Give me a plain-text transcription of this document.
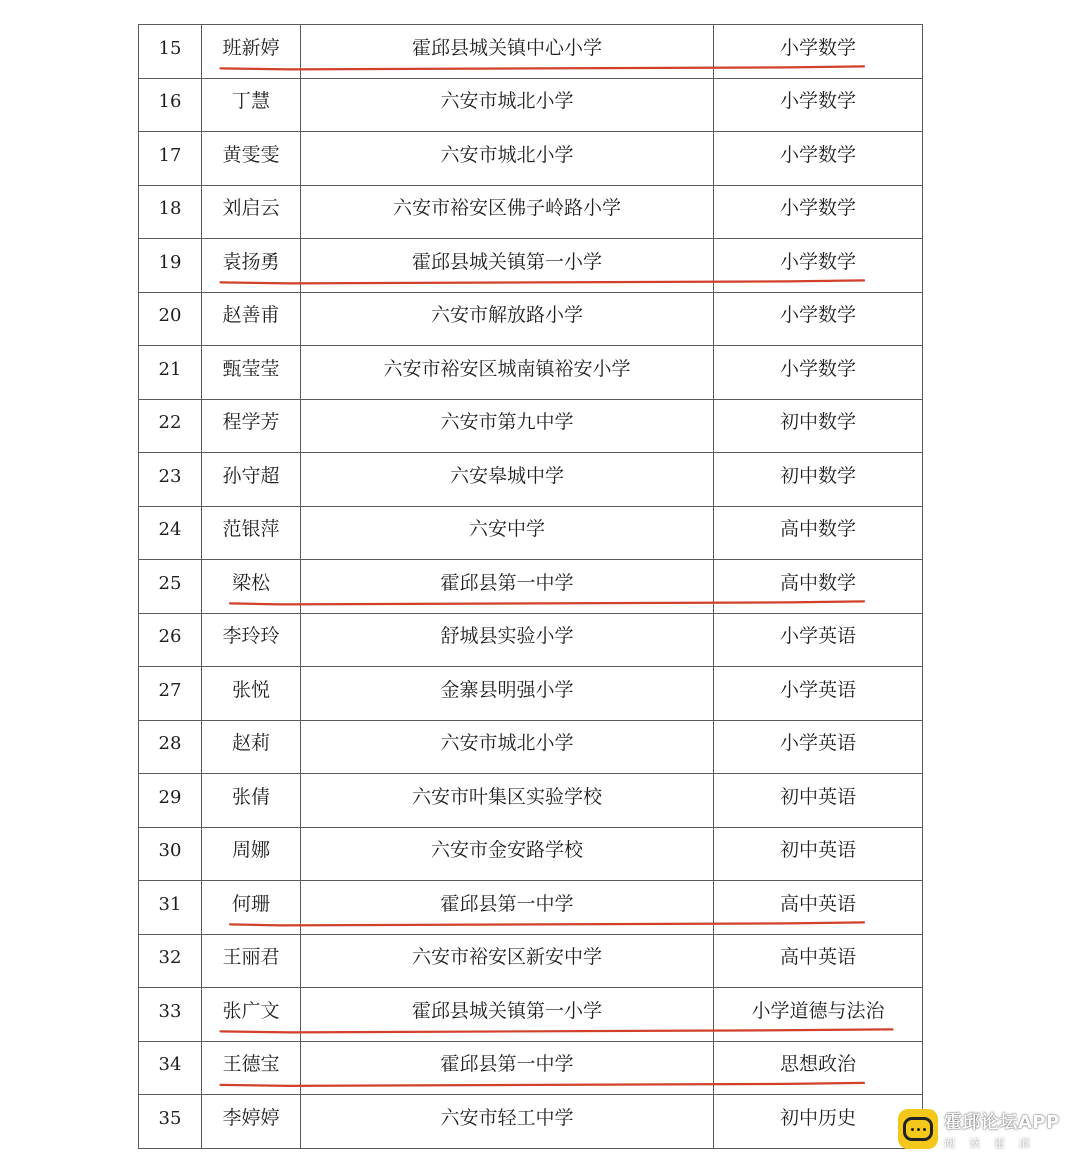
15	班新婷	霍邱县城关镇中心小学	小学数学
16	丁慧	六安市城北小学	小学数学
17	黄雯雯	六安市城北小学	小学数学
18	刘启云	六安市裕安区佛子岭路小学	小学数学
19	袁扬勇	霍邱县城关镇第一小学	小学数学
20	赵善甫	六安市解放路小学	小学数学
21	甄莹莹	六安市裕安区城南镇裕安小学	小学数学
22	程学芳	六安市第九中学	初中数学
23	孙守超	六安皋城中学	初中数学
24	范银萍	六安中学	高中数学
25	梁松	霍邱县第一中学	高中数学
26	李玲玲	舒城县实验小学	小学英语
27	张悦	金寨县明强小学	小学英语
28	赵莉	六安市城北小学	小学英语
29	张倩	六安市叶集区实验学校	初中英语
30	周娜	六安市金安路学校	初中英语
31	何珊	霍邱县第一中学	高中英语
32	王丽君	六安市裕安区新安中学	高中英语
33	张广文	霍邱县城关镇第一小学	小学道德与法治
34	王德宝	霍邱县第一中学	思想政治
35	李婷婷	六安市轻工中学	初中历史	霍邱论坛APP
阅读霍邱
